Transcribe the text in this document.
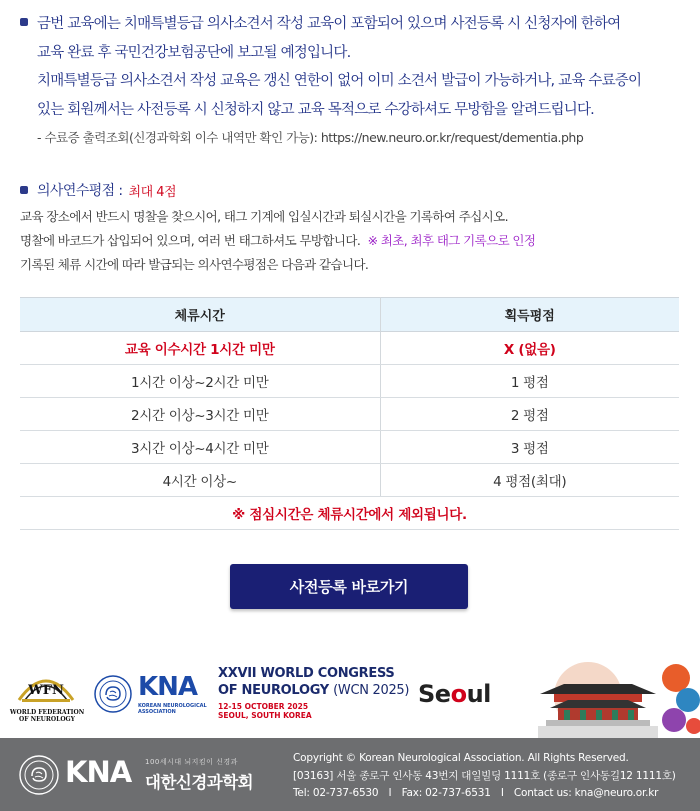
금번 교육에는 치매특별등급 의사소견서 작성 교육이 포함되어 있으며 사전등록 시 신청자에 한하여
교육 완료 후 국민건강보험공단에 보고될 예정입니다.
치매특별등급 의사소견서 작성 교육은 갱신 연한이 없어 이미 소견서 발급이 가능하거나, 교육 수료증이
있는 회원께서는 사전등록 시 신청하지 않고 교육 목적으로 수강하셔도 무방함을 알려드립니다.
- 수료증 출력조회(신경과학회 이수 내역만 확인 가능): https://new.neuro.or.kr/request/dementia.php
의사연수평점 : 최대 4점
교육 장소에서 반드시 명찰을 찾으시어, 태그 기계에 입실시간과 퇴실시간을 기록하여 주십시오.
명찰에 바코드가 삽입되어 있으며, 여러 번 태그하셔도 무방합니다. ※ 최초, 최후 태그 기록으로 인정
기록된 체류 시간에 따라 발급되는 의사연수평점은 다음과 같습니다.
체류시간	획득평점
교육 이수시간 1시간 미만	X (없음)
1시간 이상~2시간 미만	1 평점
2시간 이상~3시간 미만	2 평점
3시간 이상~4시간 미만	3 평점
4시간 이상~	4 평점(최대)
※ 점심시간은 체류시간에서 제외됩니다.	
사전등록 바로가기
WFN
WORLD FEDERATION
OF NEUROLOGY
KNA
KOREAN NEUROLOGICAL
ASSOCIATION
XXVII WORLD CONGRESS
OF NEUROLOGY (WCN 2025)
12-15 OCTOBER 2025
SEOUL, SOUTH KOREA
Seoul
KNA 100세시대 뇌지킴이 신경과
대한신경과학회
Copyright © Korean Neurological Association. All Rights Reserved.
[03163] 서울 종로구 인사동 43번지 대일빌딩 1111호 (종로구 인사동길12 1111호)
Tel: 02-737-6530 I Fax: 02-737-6531 I Contact us: kna@neuro.or.kr
